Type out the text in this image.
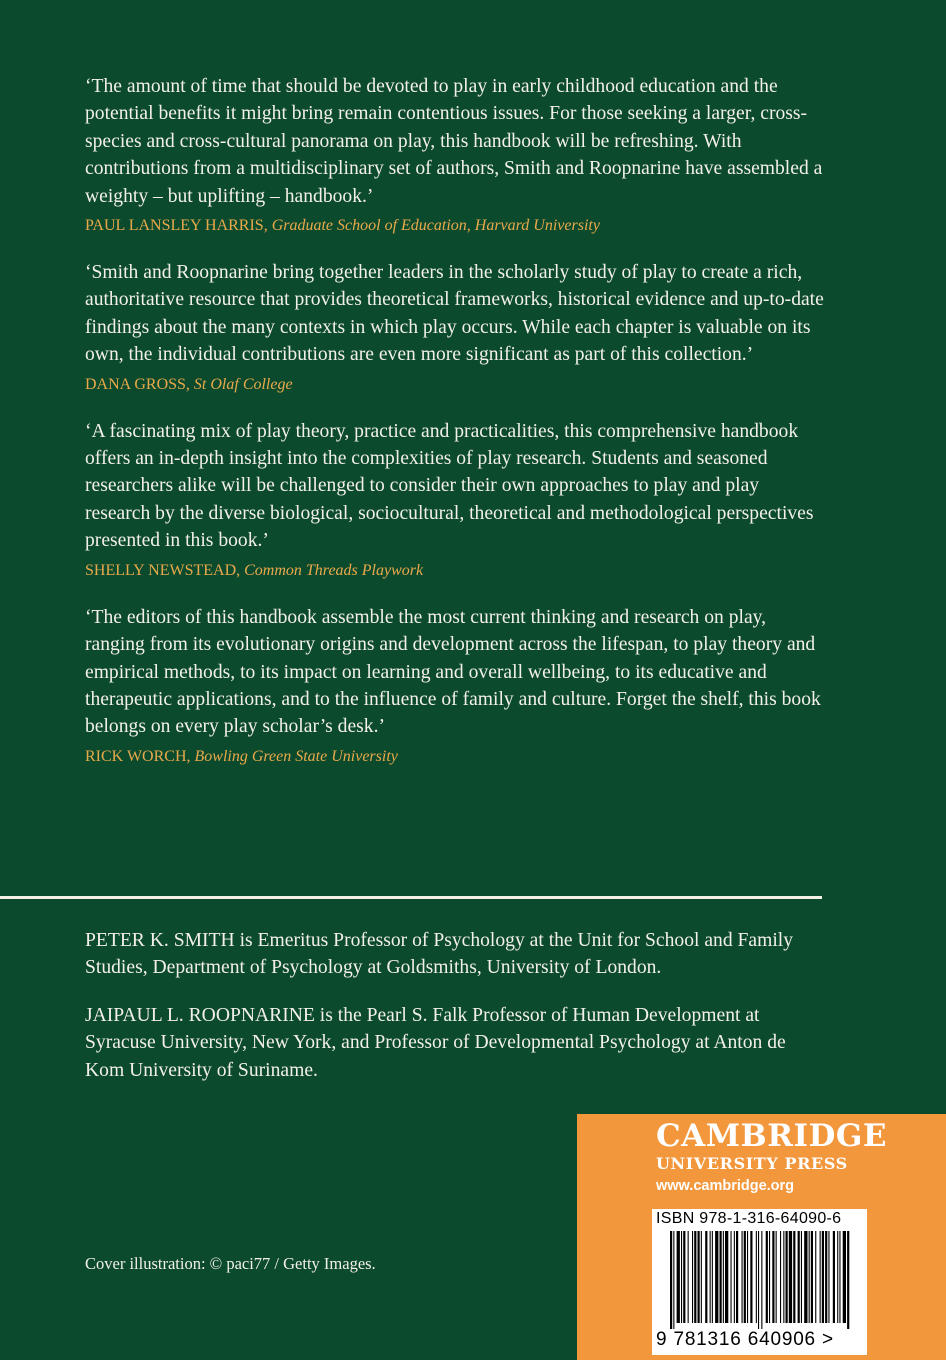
‘The amount of time that should be devoted to play in early childhood education and the potential benefits it might bring remain contentious issues. For those seeking a larger, cross-species and cross-cultural panorama on play, this handbook will be refreshing. With contributions from a multidisciplinary set of authors, Smith and Roopnarine have assembled a weighty – but uplifting – handbook.’

PAUL LANSLEY HARRIS, Graduate School of Education, Harvard University

‘Smith and Roopnarine bring together leaders in the scholarly study of play to create a rich, authoritative resource that provides theoretical frameworks, historical evidence and up-to-date findings about the many contexts in which play occurs. While each chapter is valuable on its own, the individual contributions are even more significant as part of this collection.’

DANA GROSS, St Olaf College

‘A fascinating mix of play theory, practice and practicalities, this comprehensive handbook offers an in-depth insight into the complexities of play research. Students and seasoned researchers alike will be challenged to consider their own approaches to play and play research by the diverse biological, sociocultural, theoretical and methodological perspectives presented in this book.’

SHELLY NEWSTEAD, Common Threads Playwork

‘The editors of this handbook assemble the most current thinking and research on play, ranging from its evolutionary origins and development across the lifespan, to play theory and empirical methods, to its impact on learning and overall wellbeing, to its educative and therapeutic applications, and to the influence of family and culture. Forget the shelf, this book belongs on every play scholar’s desk.’

RICK WORCH, Bowling Green State University

PETER K. SMITH is Emeritus Professor of Psychology at the Unit for School and Family Studies, Department of Psychology at Goldsmiths, University of London.

JAIPAUL L. ROOPNARINE is the Pearl S. Falk Professor of Human Development at Syracuse University, New York, and Professor of Developmental Psychology at Anton de Kom University of Suriname.

Cover illustration: © paci77 / Getty Images.
CAMBRIDGE
UNIVERSITY PRESS
www.cambridge.org
ISBN 978-1-316-64090-6
9 781316 640906 >
